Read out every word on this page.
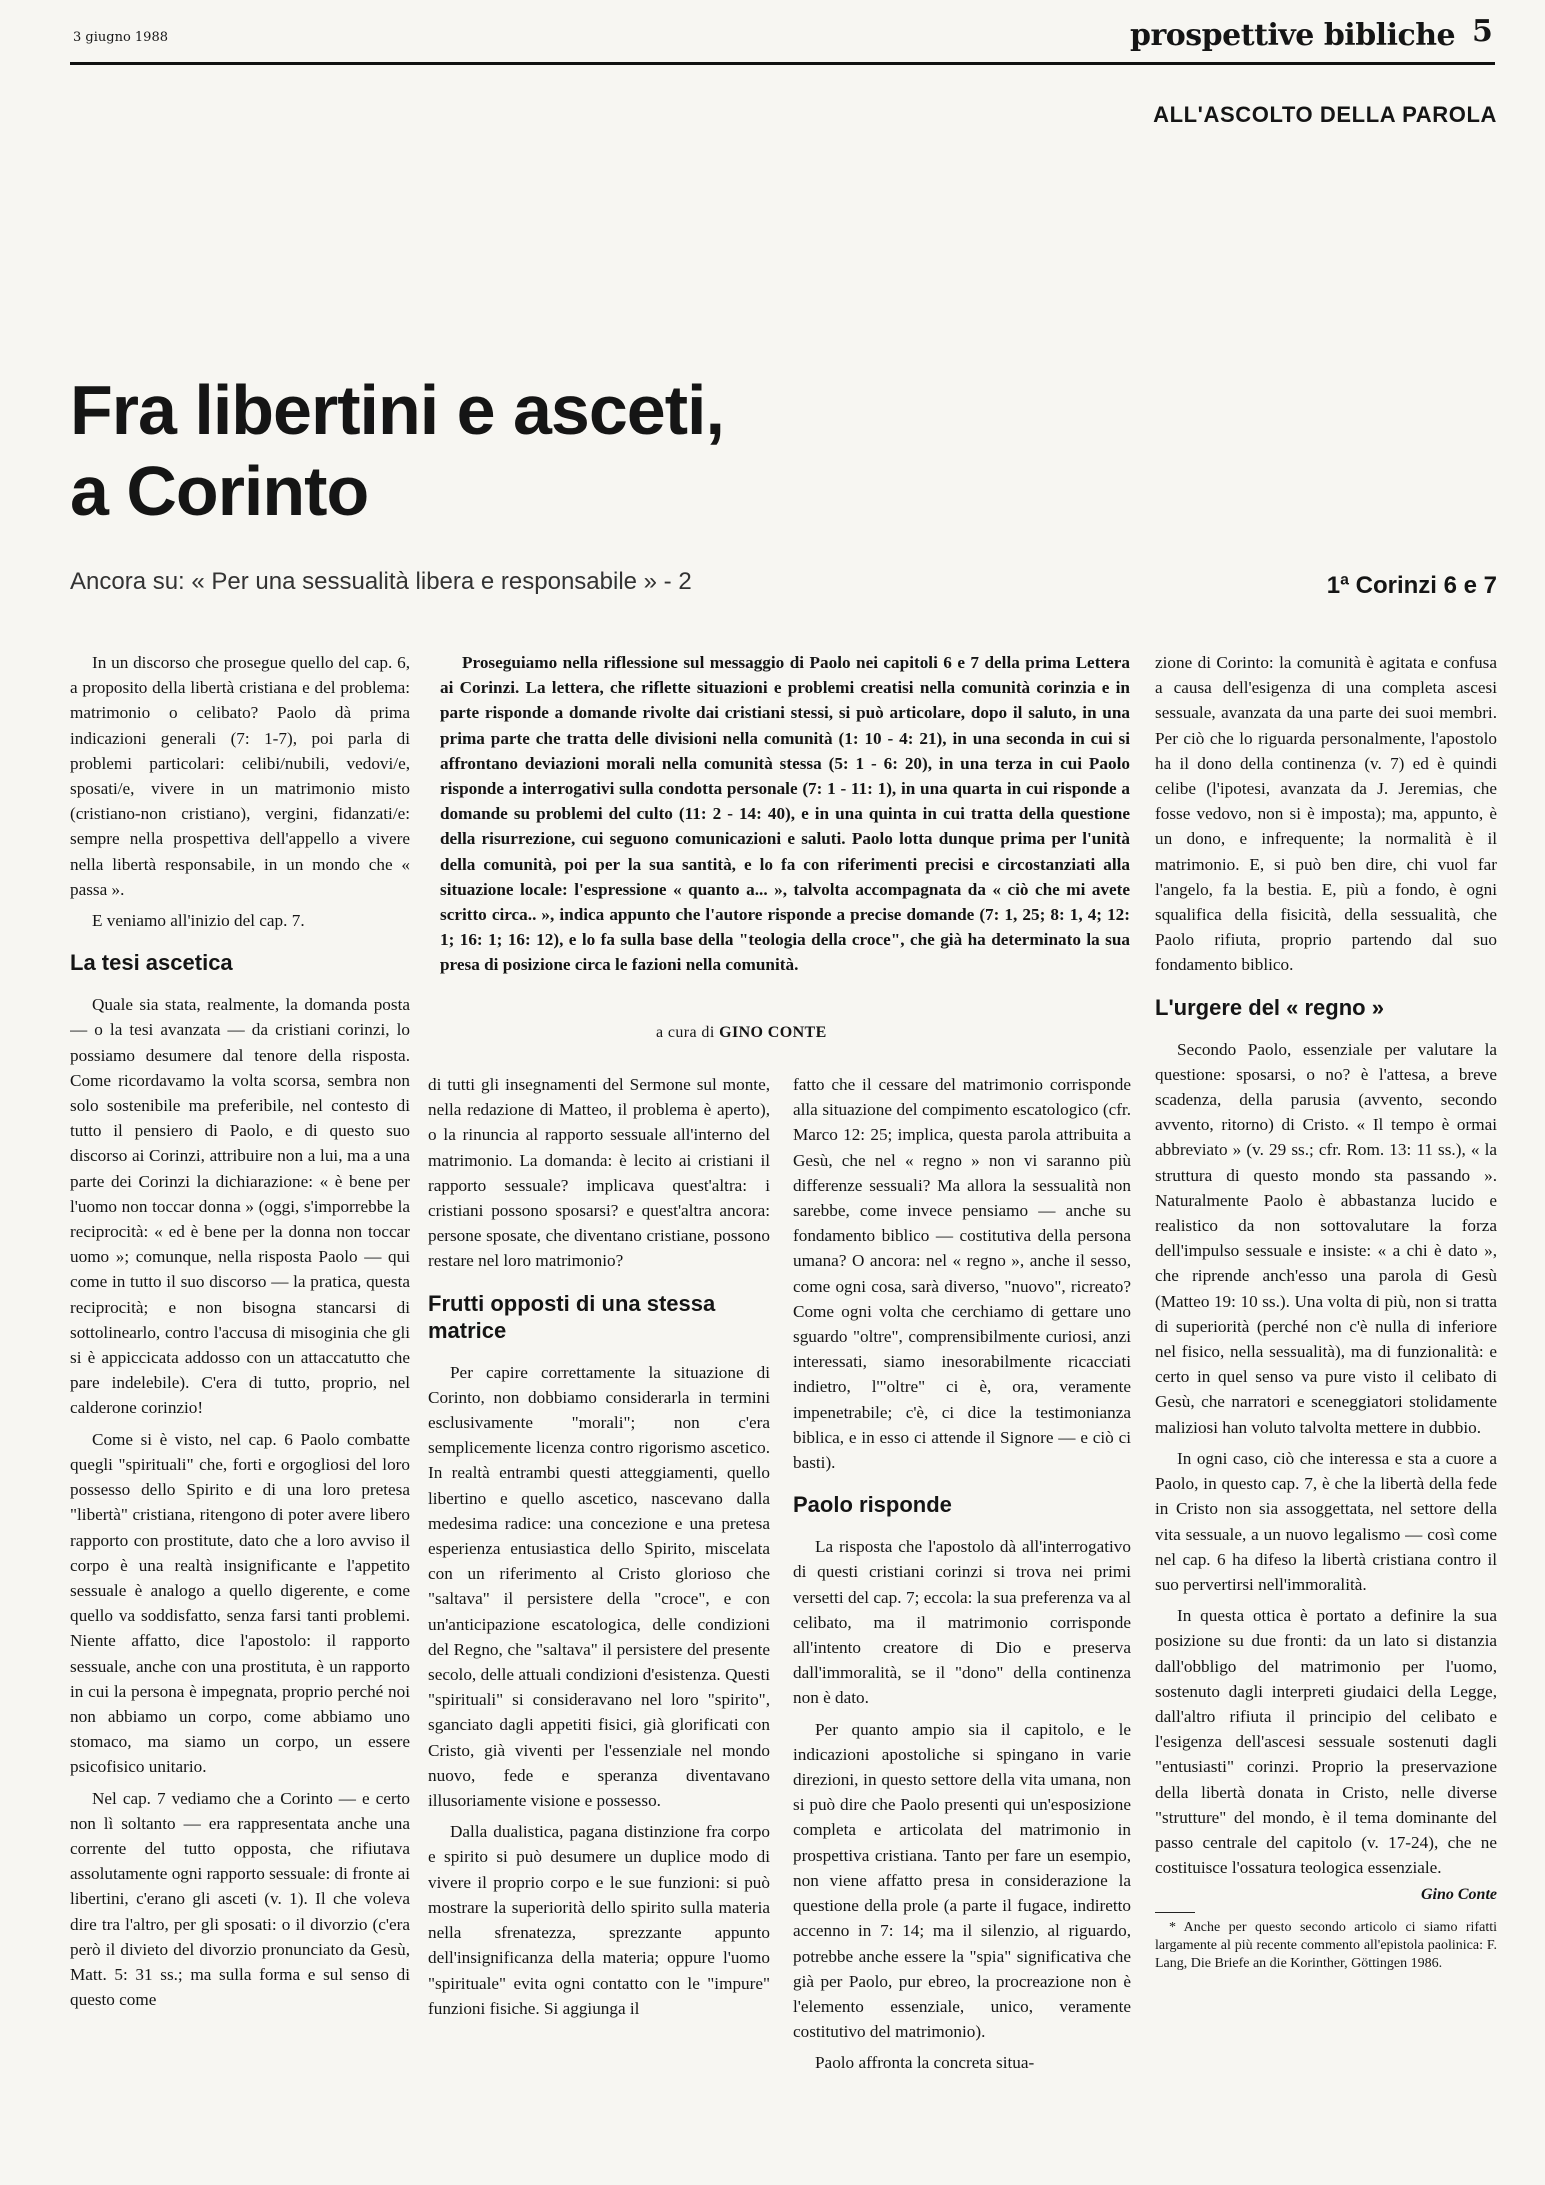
3 giugno 1988	prospettive bibliche 5
ALL'ASCOLTO DELLA PAROLA
Fra libertini e asceti,
a Corinto
Ancora su: « Per una sessualità libera e responsabile » - 2	1ª Corinzi 6 e 7

In un discorso che prosegue quello del cap. 6, a proposito della libertà cristiana e del problema: matrimonio o celibato? Paolo dà prima indicazioni generali (7: 1-7), poi parla di problemi particolari: celibi/nubili, vedovi/e, sposati/e, vivere in un matrimonio misto (cristiano-non cristiano), vergini, fidanzati/e: sempre nella prospettiva dell'appello a vivere nella libertà responsabile, in un mondo che « passa ».

E veniamo all'inizio del cap. 7.

La tesi ascetica

Quale sia stata, realmente, la domanda posta — o la tesi avanzata — da cristiani corinzi, lo possiamo desumere dal tenore della risposta. Come ricordavamo la volta scorsa, sembra non solo sostenibile ma preferibile, nel contesto di tutto il pensiero di Paolo, e di questo suo discorso ai Corinzi, attribuire non a lui, ma a una parte dei Corinzi la dichiarazione: « è bene per l'uomo non toccar donna » (oggi, s'imporrebbe la reciprocità: « ed è bene per la donna non toccar uomo »; comunque, nella risposta Paolo — qui come in tutto il suo discorso — la pratica, questa reciprocità; e non bisogna stancarsi di sottolinearlo, contro l'accusa di misoginia che gli si è appiccicata addosso con un attaccatutto che pare indelebile). C'era di tutto, proprio, nel calderone corinzio!

Come si è visto, nel cap. 6 Paolo combatte quegli "spirituali" che, forti e orgogliosi del loro possesso dello Spirito e di una loro pretesa "libertà" cristiana, ritengono di poter avere libero rapporto con prostitute, dato che a loro avviso il corpo è una realtà insignificante e l'appetito sessuale è analogo a quello digerente, e come quello va soddisfatto, senza farsi tanti problemi. Niente affatto, dice l'apostolo: il rapporto sessuale, anche con una prostituta, è un rapporto in cui la persona è impegnata, proprio perché noi non abbiamo un corpo, come abbiamo uno stomaco, ma siamo un corpo, un essere psicofisico unitario.

Nel cap. 7 vediamo che a Corinto — e certo non lì soltanto — era rappresentata anche una corrente del tutto opposta, che rifiutava assolutamente ogni rapporto sessuale: di fronte ai libertini, c'erano gli asceti (v. 1). Il che voleva dire tra l'altro, per gli sposati: o il divorzio (c'era però il divieto del divorzio pronunciato da Gesù, Matt. 5: 31 ss.; ma sulla forma e sul senso di questo come

Proseguiamo nella riflessione sul messaggio di Paolo nei capitoli 6 e 7 della prima Lettera ai Corinzi. La lettera, che riflette situazioni e problemi creatisi nella comunità corinzia e in parte risponde a domande rivolte dai cristiani stessi, si può articolare, dopo il saluto, in una prima parte che tratta delle divisioni nella comunità (1: 10 - 4: 21), in una seconda in cui si affrontano deviazioni morali nella comunità stessa (5: 1 - 6: 20), in una terza in cui Paolo risponde a interrogativi sulla condotta personale (7: 1 - 11: 1), in una quarta in cui risponde a domande su problemi del culto (11: 2 - 14: 40), e in una quinta in cui tratta della questione della risurrezione, cui seguono comunicazioni e saluti. Paolo lotta dunque prima per l'unità della comunità, poi per la sua santità, e lo fa con riferimenti precisi e circostanziati alla situazione locale: l'espressione « quanto a... », talvolta accompagnata da « ciò che mi avete scritto circa.. », indica appunto che l'autore risponde a precise domande (7: 1, 25; 8: 1, 4; 12: 1; 16: 1; 16: 12), e lo fa sulla base della "teologia della croce", che già ha determinato la sua presa di posizione circa le fazioni nella comunità.

a cura di GINO CONTE

di tutti gli insegnamenti del Sermone sul monte, nella redazione di Matteo, il problema è aperto), o la rinuncia al rapporto sessuale all'interno del matrimonio. La domanda: è lecito ai cristiani il rapporto sessuale? implicava quest'altra: i cristiani possono sposarsi? e quest'altra ancora: persone sposate, che diventano cristiane, possono restare nel loro matrimonio?

Frutti opposti di una stessa matrice

Per capire correttamente la situazione di Corinto, non dobbiamo considerarla in termini esclusivamente "morali"; non c'era semplicemente licenza contro rigorismo ascetico. In realtà entrambi questi atteggiamenti, quello libertino e quello ascetico, nascevano dalla medesima radice: una concezione e una pretesa esperienza entusiastica dello Spirito, miscelata con un riferimento al Cristo glorioso che "saltava" il persistere della "croce", e con un'anticipazione escatologica, delle condizioni del Regno, che "saltava" il persistere del presente secolo, delle attuali condizioni d'esistenza. Questi "spirituali" si consideravano nel loro "spirito", sganciato dagli appetiti fisici, già glorificati con Cristo, già viventi per l'essenziale nel mondo nuovo, fede e speranza diventavano illusoriamente visione e possesso.

Dalla dualistica, pagana distinzione fra corpo e spirito si può desumere un duplice modo di vivere il proprio corpo e le sue funzioni: si può mostrare la superiorità dello spirito sulla materia nella sfrenatezza, sprezzante appunto dell'insignificanza della materia; oppure l'uomo "spirituale" evita ogni contatto con le "impure" funzioni fisiche. Si aggiunga il

fatto che il cessare del matrimonio corrisponde alla situazione del compimento escatologico (cfr. Marco 12: 25; implica, questa parola attribuita a Gesù, che nel « regno » non vi saranno più differenze sessuali? Ma allora la sessualità non sarebbe, come invece pensiamo — anche su fondamento biblico — costitutiva della persona umana? O ancora: nel « regno », anche il sesso, come ogni cosa, sarà diverso, "nuovo", ricreato? Come ogni volta che cerchiamo di gettare uno sguardo "oltre", comprensibilmente curiosi, anzi interessati, siamo inesorabilmente ricacciati indietro, l'"oltre" ci è, ora, veramente impenetrabile; c'è, ci dice la testimonianza biblica, e in esso ci attende il Signore — e ciò ci basti).

Paolo risponde

La risposta che l'apostolo dà all'interrogativo di questi cristiani corinzi si trova nei primi versetti del cap. 7; eccola: la sua preferenza va al celibato, ma il matrimonio corrisponde all'intento creatore di Dio e preserva dall'immoralità, se il "dono" della continenza non è dato.

Per quanto ampio sia il capitolo, e le indicazioni apostoliche si spingano in varie direzioni, in questo settore della vita umana, non si può dire che Paolo presenti qui un'esposizione completa e articolata del matrimonio in prospettiva cristiana. Tanto per fare un esempio, non viene affatto presa in considerazione la questione della prole (a parte il fugace, indiretto accenno in 7: 14; ma il silenzio, al riguardo, potrebbe anche essere la "spia" significativa che già per Paolo, pur ebreo, la procreazione non è l'elemento essenziale, unico, veramente costitutivo del matrimonio).

Paolo affronta la concreta situa-

zione di Corinto: la comunità è agitata e confusa a causa dell'esigenza di una completa ascesi sessuale, avanzata da una parte dei suoi membri. Per ciò che lo riguarda personalmente, l'apostolo ha il dono della continenza (v. 7) ed è quindi celibe (l'ipotesi, avanzata da J. Jeremias, che fosse vedovo, non si è imposta); ma, appunto, è un dono, e infrequente; la normalità è il matrimonio. E, si può ben dire, chi vuol far l'angelo, fa la bestia. E, più a fondo, è ogni squalifica della fisicità, della sessualità, che Paolo rifiuta, proprio partendo dal suo fondamento biblico.

L'urgere del « regno »

Secondo Paolo, essenziale per valutare la questione: sposarsi, o no? è l'attesa, a breve scadenza, della parusia (avvento, secondo avvento, ritorno) di Cristo. « Il tempo è ormai abbreviato » (v. 29 ss.; cfr. Rom. 13: 11 ss.), « la struttura di questo mondo sta passando ». Naturalmente Paolo è abbastanza lucido e realistico da non sottovalutare la forza dell'impulso sessuale e insiste: « a chi è dato », che riprende anch'esso una parola di Gesù (Matteo 19: 10 ss.). Una volta di più, non si tratta di superiorità (perché non c'è nulla di inferiore nel fisico, nella sessualità), ma di funzionalità: e certo in quel senso va pure visto il celibato di Gesù, che narratori e sceneggiatori stolidamente maliziosi han voluto talvolta mettere in dubbio.

In ogni caso, ciò che interessa e sta a cuore a Paolo, in questo cap. 7, è che la libertà della fede in Cristo non sia assoggettata, nel settore della vita sessuale, a un nuovo legalismo — così come nel cap. 6 ha difeso la libertà cristiana contro il suo pervertirsi nell'immoralità.

In questa ottica è portato a definire la sua posizione su due fronti: da un lato si distanzia dall'obbligo del matrimonio per l'uomo, sostenuto dagli interpreti giudaici della Legge, dall'altro rifiuta il principio del celibato e l'esigenza dell'ascesi sessuale sostenuti dagli "entusiasti" corinzi. Proprio la preservazione della libertà donata in Cristo, nelle diverse "strutture" del mondo, è il tema dominante del passo centrale del capitolo (v. 17-24), che ne costituisce l'ossatura teologica essenziale.

Gino Conte

* Anche per questo secondo articolo ci siamo rifatti largamente al più recente commento all'epistola paolinica: F. Lang, Die Briefe an die Korinther, Göttingen 1986.
